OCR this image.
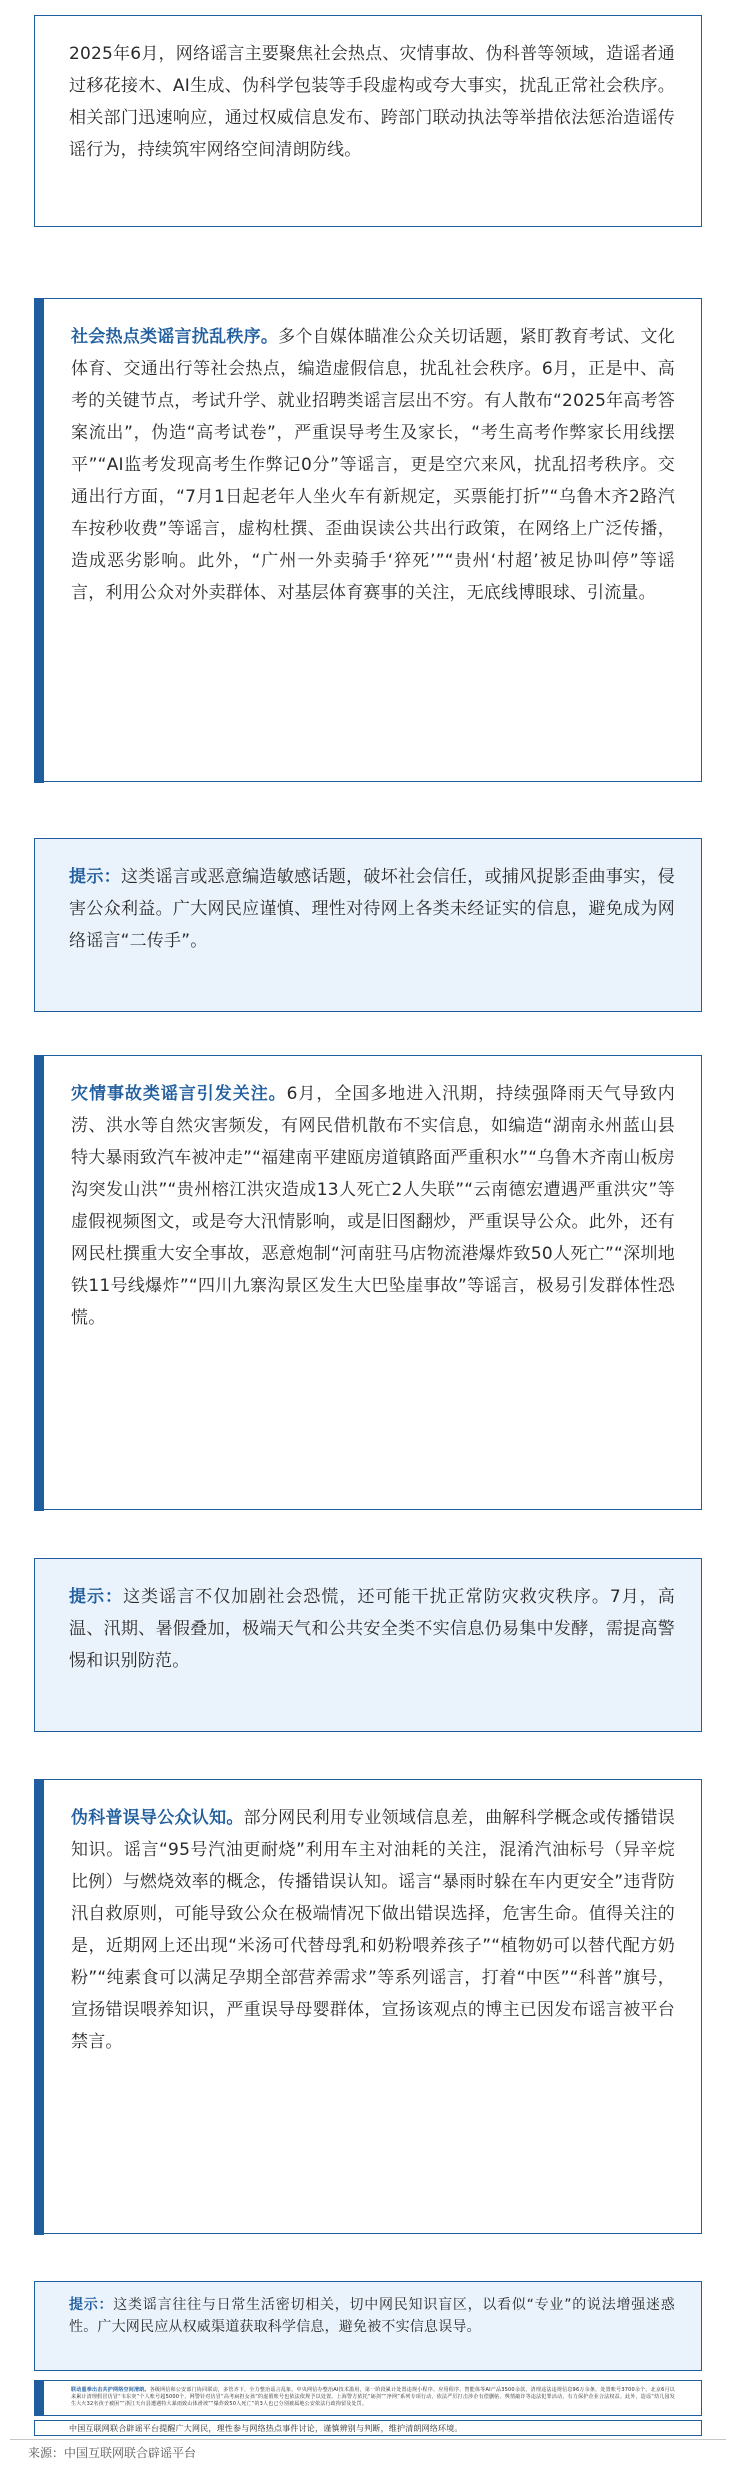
2025年6月，网络谣言主要聚焦社会热点、灾情事故、伪科普等领域，造谣者通过移花接木、AI生成、伪科学包装等手段虚构或夸大事实，扰乱正常社会秩序。相关部门迅速响应，通过权威信息发布、跨部门联动执法等举措依法惩治造谣传谣行为，持续筑牢网络空间清朗防线。
社会热点类谣言扰乱秩序。多个自媒体瞄准公众关切话题，紧盯教育考试、文化体育、交通出行等社会热点，编造虚假信息，扰乱社会秩序。6月，正是中、高考的关键节点，考试升学、就业招聘类谣言层出不穷。有人散布“2025年高考答案流出”，伪造“高考试卷”，严重误导考生及家长，“考生高考作弊家长用线摆平”“AI监考发现高考生作弊记0分”等谣言，更是空穴来风，扰乱招考秩序。交通出行方面，“7月1日起老年人坐火车有新规定，买票能打折”“乌鲁木齐2路汽车按秒收费”等谣言，虚构杜撰、歪曲误读公共出行政策，在网络上广泛传播，造成恶劣影响。此外，“广州一外卖骑手‘猝死’”“贵州‘村超’被足协叫停”等谣言，利用公众对外卖群体、对基层体育赛事的关注，无底线博眼球、引流量。
提示：这类谣言或恶意编造敏感话题，破坏社会信任，或捕风捉影歪曲事实，侵害公众利益。广大网民应谨慎、理性对待网上各类未经证实的信息，避免成为网络谣言“二传手”。
灾情事故类谣言引发关注。6月，全国多地进入汛期，持续强降雨天气导致内涝、洪水等自然灾害频发，有网民借机散布不实信息，如编造“湖南永州蓝山县特大暴雨致汽车被冲走”“福建南平建瓯房道镇路面严重积水”“乌鲁木齐南山板房沟突发山洪”“贵州榕江洪灾造成13人死亡2人失联”“云南德宏遭遇严重洪灾”等虚假视频图文，或是夸大汛情影响，或是旧图翻炒，严重误导公众。此外，还有网民杜撰重大安全事故，恶意炮制“河南驻马店物流港爆炸致50人死亡”“深圳地铁11号线爆炸”“四川九寨沟景区发生大巴坠崖事故”等谣言，极易引发群体性恐慌。
提示：这类谣言不仅加剧社会恐慌，还可能干扰正常防灾救灾秩序。7月，高温、汛期、暑假叠加，极端天气和公共安全类不实信息仍易集中发酵，需提高警惕和识别防范。
伪科普误导公众认知。部分网民利用专业领域信息差，曲解科学概念或传播错误知识。谣言“95号汽油更耐烧”利用车主对油耗的关注，混淆汽油标号（异辛烷比例）与燃烧效率的概念，传播错误认知。谣言“暴雨时躲在车内更安全”违背防汛自救原则，可能导致公众在极端情况下做出错误选择，危害生命。值得关注的是，近期网上还出现“米汤可代替母乳和奶粉喂养孩子”“植物奶可以替代配方奶粉”“纯素食可以满足孕期全部营养需求”等系列谣言，打着“中医”“科普”旗号，宣扬错误喂养知识，严重误导母婴群体，宣扬该观点的博主已因发布谣言被平台禁言。
提示：这类谣言往往与日常生活密切相关，切中网民知识盲区，以看似“专业”的说法增强迷惑性。广大网民应从权威渠道获取科学信息，避免被不实信息误导。
联动重拳出击共护网络空间清朗。各级网信和公安部门协同联动，多管齐下，全力整治谣言乱象。中央网信办整治AI技术滥用，第一阶段累计处置违规小程序、应用程序、智能体等AI产品3500余款，清理违法违规信息96万余条，处置账号3700余个。北京6月以来累计清理假冒仿冒“韦东奕”个人账号超5000个，网警针对仿冒“高考扁担女孩”的虚假账号也依法依规予以处置。上海警方依托“砺剑”“净网”系列专项行动，依法严厉打击涉企有偿删帖、舆情敲诈等违法犯罪活动，有力保护企业合法权益。此外，造谣“幼儿园发生大火32名孩子被困”“浙江天台县遭遇特大暴雨致山体滑坡”“爆炸致50人死亡”的3人也已分别被属地公安依法行政拘留及处罚。
中国互联网联合辟谣平台提醒广大网民，理性参与网络热点事件讨论，谨慎辨别与判断，维护清朗网络环境。
来源：中国互联网联合辟谣平台
